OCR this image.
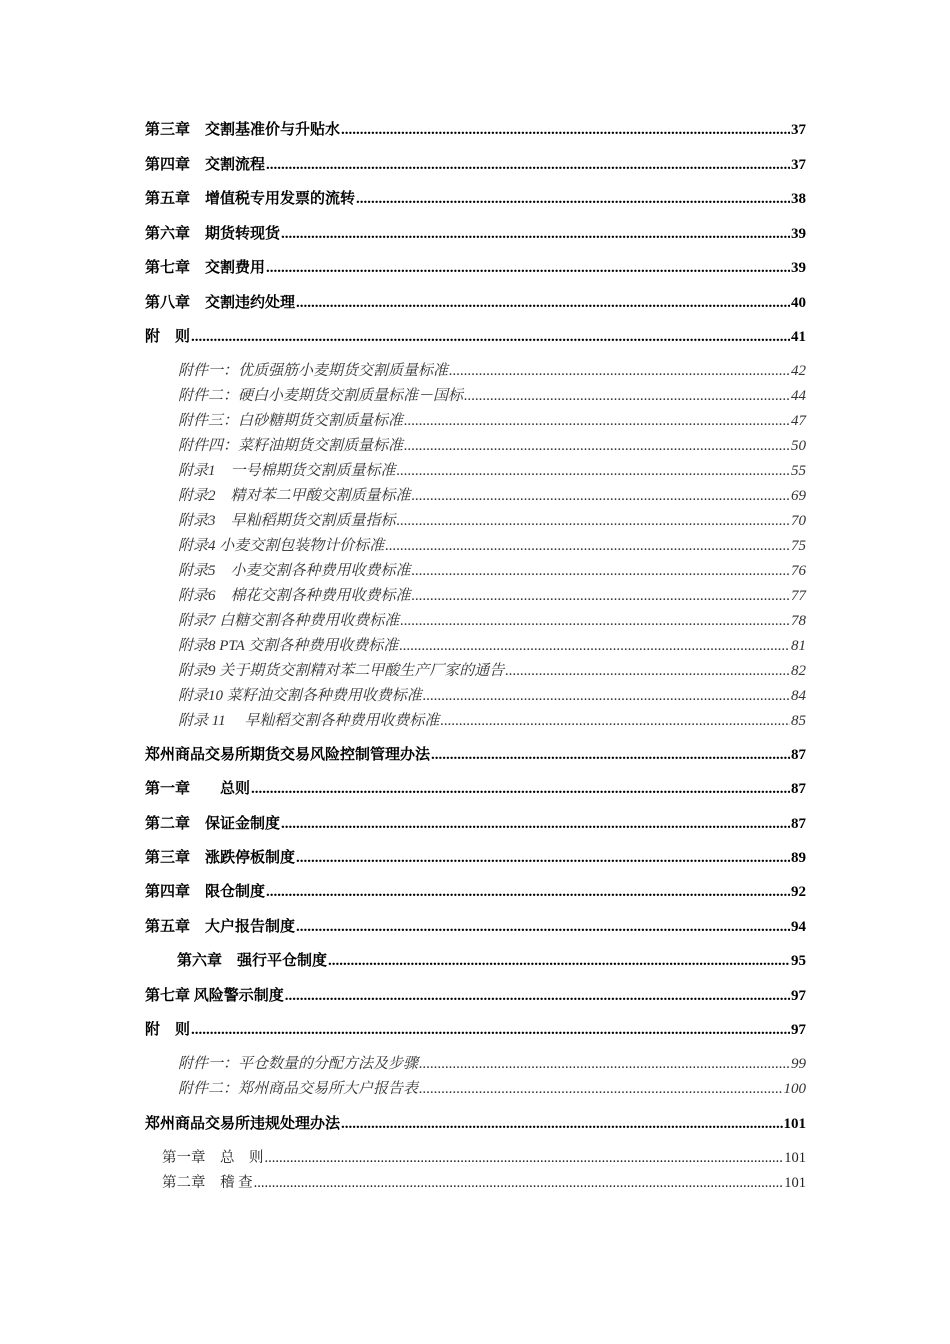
第三章　交割基准价与升贴水 .....	37
第四章　交割流程 .....	37
第五章　增值税专用发票的流转 .....	38
第六章　期货转现货 .....	39
第七章　交割费用 .....	39
第八章　交割违约处理 .....	40
附　则 .....	41
附件一：优质强筋小麦期货交割质量标准 .....	42
附件二：硬白小麦期货交割质量标准－国标 .....	44
附件三：白砂糖期货交割质量标准 .....	47
附件四：菜籽油期货交割质量标准 .....	50
附录1　一号棉期货交割质量标准 .....	55
附录2　精对苯二甲酸交割质量标准 .....	69
附录3　早籼稻期货交割质量指标 .....	70
附录4 小麦交割包装物计价标准 .....	75
附录5　小麦交割各种费用收费标准 .....	76
附录6　棉花交割各种费用收费标准 .....	77
附录7 白糖交割各种费用收费标准 .....	78
附录8 PTA 交割各种费用收费标准 .....	81
附录9 关于期货交割精对苯二甲酸生产厂家的通告 .....	82
附录10 菜籽油交割各种费用收费标准 .....	84
附录 11　 早籼稻交割各种费用收费标准 .....	85
郑州商品交易所期货交易风险控制管理办法 .....	87
第一章　　总则 .....	87
第二章　保证金制度 .....	87
第三章　涨跌停板制度 .....	89
第四章　限仓制度 .....	92
第五章　大户报告制度 .....	94
第六章　强行平仓制度 .....	95
第七章 风险警示制度 .....	97
附　则 .....	97
附件一：平仓数量的分配方法及步骤 .....	99
附件二：郑州商品交易所大户报告表 .....	100
郑州商品交易所违规处理办法 .....	101
第一章　总　则 .....	101
第二章　稽 查 .....	101
